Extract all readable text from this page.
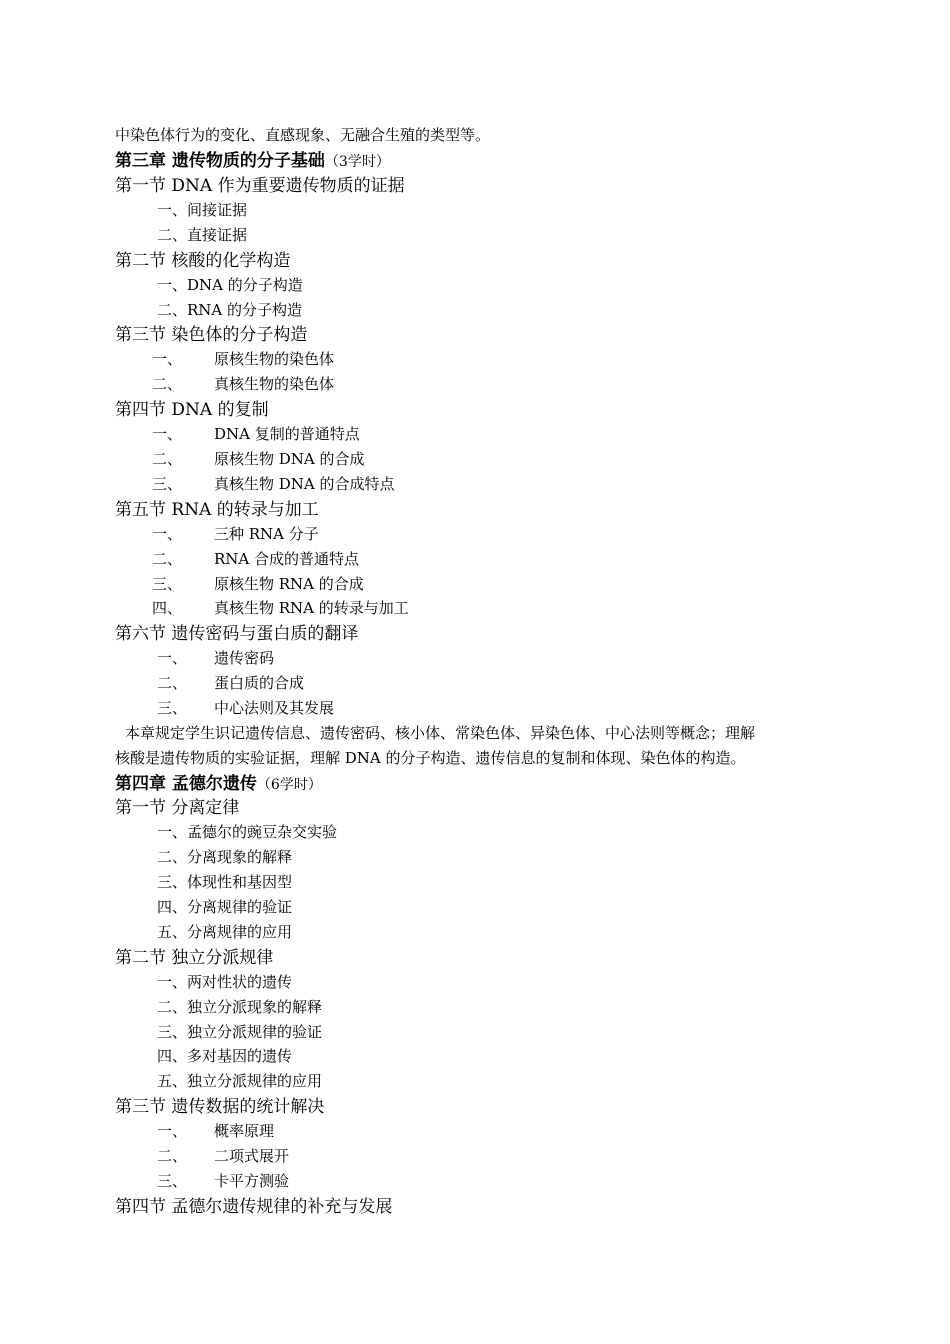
中染色体行为的变化、直感现象、无融合生殖的类型等。
第三章 遗传物质的分子基础（3学时）
第一节 DNA 作为重要遗传物质的证据
一、间接证据
二、直接证据
第二节 核酸的化学构造
一、DNA 的分子构造
二、RNA 的分子构造
第三节 染色体的分子构造
一、 原核生物的染色体
二、 真核生物的染色体
第四节 DNA 的复制
一、 DNA 复制的普通特点
二、 原核生物 DNA 的合成
三、 真核生物 DNA 的合成特点
第五节 RNA 的转录与加工
一、 三种 RNA 分子
二、 RNA 合成的普通特点
三、 原核生物 RNA 的合成
四、 真核生物 RNA 的转录与加工
第六节 遗传密码与蛋白质的翻译
一、 遗传密码
二、 蛋白质的合成
三、 中心法则及其发展
本章规定学生识记遗传信息、遗传密码、核小体、常染色体、异染色体、中心法则等概念；理解
核酸是遗传物质的实验证据，理解 DNA 的分子构造、遗传信息的复制和体现、染色体的构造。
第四章 孟德尔遗传（6学时）
第一节 分离定律
一、孟德尔的豌豆杂交实验
二、分离现象的解释
三、体现性和基因型
四、分离规律的验证
五、分离规律的应用
第二节 独立分派规律
一、两对性状的遗传
二、独立分派现象的解释
三、独立分派规律的验证
四、多对基因的遗传
五、独立分派规律的应用
第三节 遗传数据的统计解决
一、 概率原理
二、 二项式展开
三、 卡平方测验
第四节 孟德尔遗传规律的补充与发展
